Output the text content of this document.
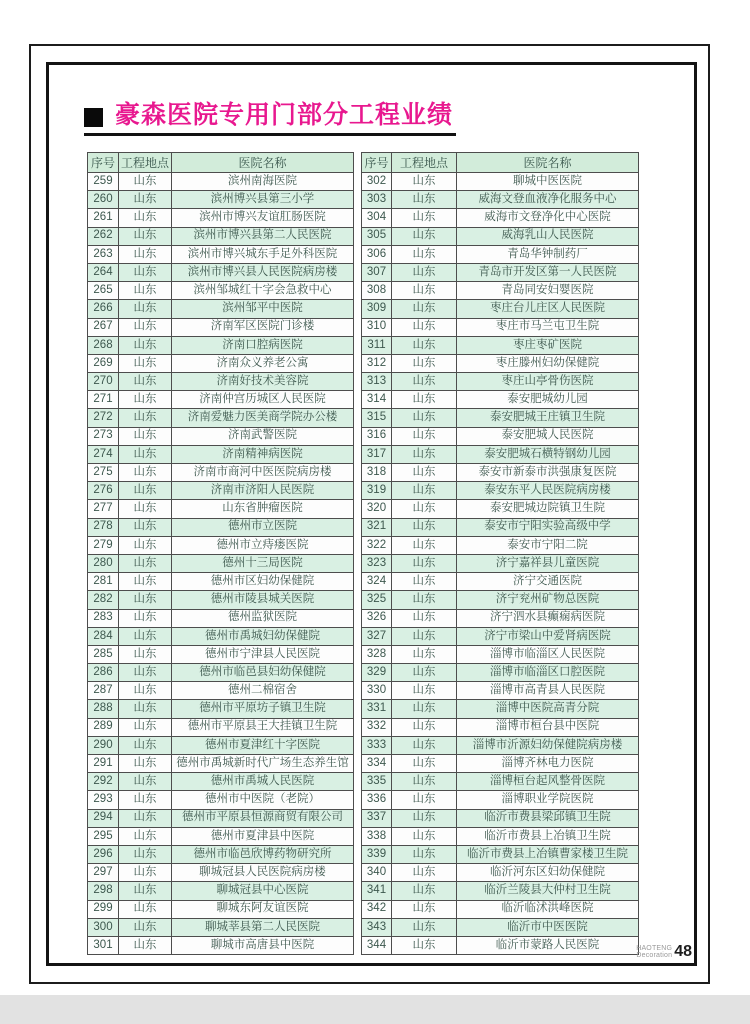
豪森医院专用门部分工程业绩
序号	工程地点	医院名称
259	山东	滨州南海医院
260	山东	滨州博兴县第三小学
261	山东	滨州市博兴友谊肛肠医院
262	山东	滨州市博兴县第二人民医院
263	山东	滨州市博兴城东手足外科医院
264	山东	滨州市博兴县人民医院病房楼
265	山东	滨州邹城红十字会急救中心
266	山东	滨州邹平中医院
267	山东	济南军区医院门诊楼
268	山东	济南口腔病医院
269	山东	济南众义养老公寓
270	山东	济南好技术美容院
271	山东	济南仲宫历城区人民医院
272	山东	济南爱魅力医美商学院办公楼
273	山东	济南武警医院
274	山东	济南精神病医院
275	山东	济南市商河中医医院病房楼
276	山东	济南市济阳人民医院
277	山东	山东省肿瘤医院
278	山东	德州市立医院
279	山东	德州市立痔瘘医院
280	山东	德州十三局医院
281	山东	德州市区妇幼保健院
282	山东	德州市陵县城关医院
283	山东	德州监狱医院
284	山东	德州市禹城妇幼保健院
285	山东	德州市宁津县人民医院
286	山东	德州市临邑县妇幼保健院
287	山东	德州二棉宿舍
288	山东	德州市平原坊子镇卫生院
289	山东	德州市平原县王大挂镇卫生院
290	山东	德州市夏津红十字医院
291	山东	德州市禹城新时代广场生态养生馆
292	山东	德州市禹城人民医院
293	山东	德州市中医院（老院）
294	山东	德州市平原县恒源商贸有限公司
295	山东	德州市夏津县中医院
296	山东	德州市临邑欣博药物研究所
297	山东	聊城冠县人民医院病房楼
298	山东	聊城冠县中心医院
299	山东	聊城东阿友谊医院
300	山东	聊城莘县第二人民医院
301	山东	聊城市高唐县中医院
序号	工程地点	医院名称
302	山东	聊城中医医院
303	山东	威海文登血液净化服务中心
304	山东	威海市文登净化中心医院
305	山东	威海乳山人民医院
306	山东	青岛华钟制药厂
307	山东	青岛市开发区第一人民医院
308	山东	青岛同安妇婴医院
309	山东	枣庄台儿庄区人民医院
310	山东	枣庄市马兰屯卫生院
311	山东	枣庄枣矿医院
312	山东	枣庄滕州妇幼保健院
313	山东	枣庄山亭骨伤医院
314	山东	泰安肥城幼儿园
315	山东	泰安肥城王庄镇卫生院
316	山东	泰安肥城人民医院
317	山东	泰安肥城石横特钢幼儿园
318	山东	泰安市新泰市洪强康复医院
319	山东	泰安东平人民医院病房楼
320	山东	泰安肥城边院镇卫生院
321	山东	泰安市宁阳实验高级中学
322	山东	泰安市宁阳二院
323	山东	济宁嘉祥县儿童医院
324	山东	济宁交通医院
325	山东	济宁兖州矿物总医院
326	山东	济宁泗水县癫痫病医院
327	山东	济宁市梁山中爱肾病医院
328	山东	淄博市临淄区人民医院
329	山东	淄博市临淄区口腔医院
330	山东	淄博市高青县人民医院
331	山东	淄博中医院高青分院
332	山东	淄博市桓台县中医院
333	山东	淄博市沂源妇幼保健院病房楼
334	山东	淄博齐林电力医院
335	山东	淄博桓台起风整骨医院
336	山东	淄博职业学院医院
337	山东	临沂市费县梁邱镇卫生院
338	山东	临沂市费县上冶镇卫生院
339	山东	临沂市费县上冶镇曹家楼卫生院
340	山东	临沂河东区妇幼保健院
341	山东	临沂兰陵县大仲村卫生院
342	山东	临沂临沭洪峰医院
343	山东	临沂市中医医院
344	山东	临沂市蒙路人民医院	HAOTENG
Decoration 48
